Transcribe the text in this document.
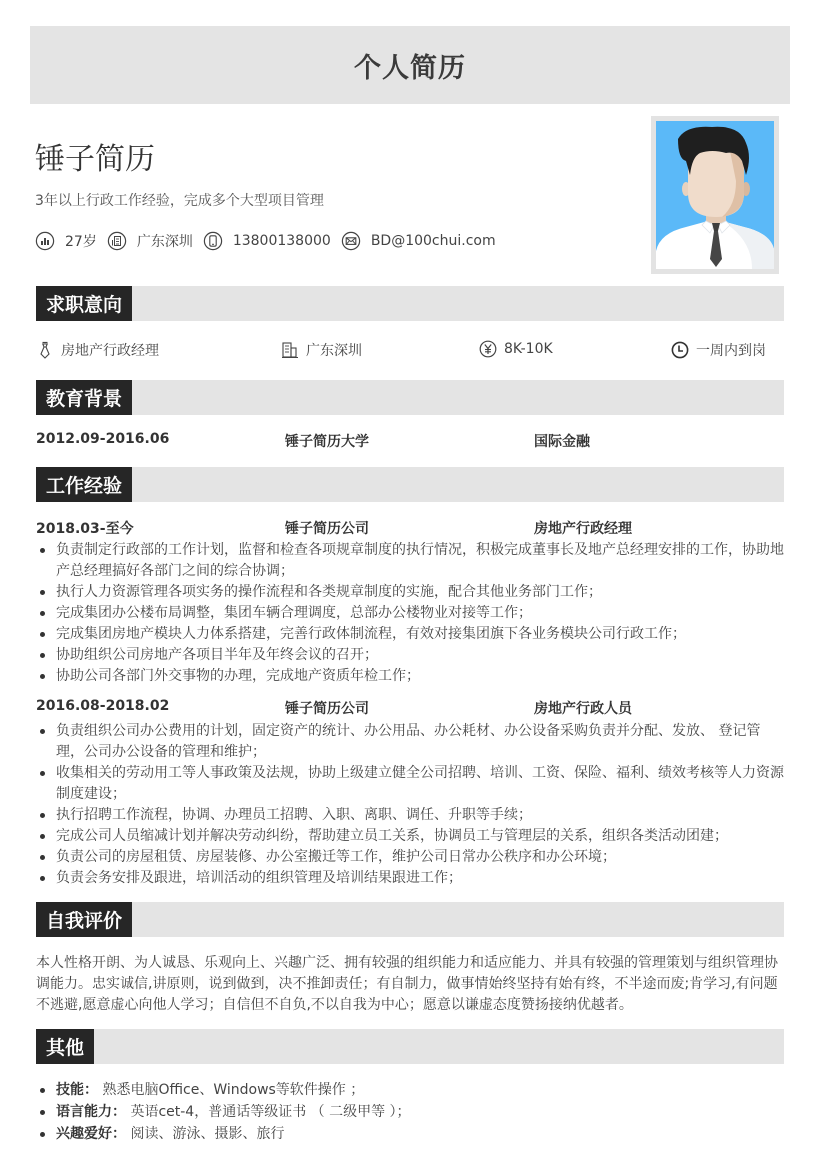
个人简历
锤子简历
3年以上行政工作经验，完成多个大型项目管理
27岁	广东深圳	13800138000	BD@100chui.com
求职意向
房地产行政经理	广东深圳	8K-10K	一周内到岗
教育背景
2012.09-2016.06	锤子简历大学	国际金融
工作经验
2018.03-至今	锤子简历公司	房地产行政经理
负责制定行政部的工作计划，监督和检查各项规章制度的执行情况，积极完成董事长及地产总经理安排的工作，协助地产总经理搞好各部门之间的综合协调；
执行人力资源管理各项实务的操作流程和各类规章制度的实施，配合其他业务部门工作；
完成集团办公楼布局调整，集团车辆合理调度，总部办公楼物业对接等工作；
完成集团房地产模块人力体系搭建，完善行政体制流程，有效对接集团旗下各业务模块公司行政工作；
协助组织公司房地产各项目半年及年终会议的召开；
协助公司各部门外交事物的办理，完成地产资质年检工作；
2016.08-2018.02	锤子简历公司	房地产行政人员
负责组织公司办公费用的计划，固定资产的统计、办公用品、办公耗材、办公设备采购负责并分配、发放、 登记管理，公司办公设备的管理和维护；
收集相关的劳动用工等人事政策及法规，协助上级建立健全公司招聘、培训、工资、保险、福利、绩效考核等人力资源制度建设；
执行招聘工作流程，协调、办理员工招聘、入职、离职、调任、升职等手续；
完成公司人员缩减计划并解决劳动纠纷，帮助建立员工关系，协调员工与管理层的关系，组织各类活动团建；
负责公司的房屋租赁、房屋装修、办公室搬迁等工作，维护公司日常办公秩序和办公环境；
负责会务安排及跟进，培训活动的组织管理及培训结果跟进工作；
自我评价
本人性格开朗、为人诚恳、乐观向上、兴趣广泛、拥有较强的组织能力和适应能力、并具有较强的管理策划与组织管理协调能力。忠实诚信,讲原则，说到做到，决不推卸责任；有自制力，做事情始终坚持有始有终，不半途而废;肯学习,有问题不逃避,愿意虚心向他人学习；自信但不自负,不以自我为中心；愿意以谦虚态度赞扬接纳优越者。
其他
技能： 熟悉电脑Office、Windows等软件操作 ；
语言能力： 英语cet-4，普通话等级证书 （ 二级甲等 ）；
兴趣爱好： 阅读、游泳、摄影、旅行
